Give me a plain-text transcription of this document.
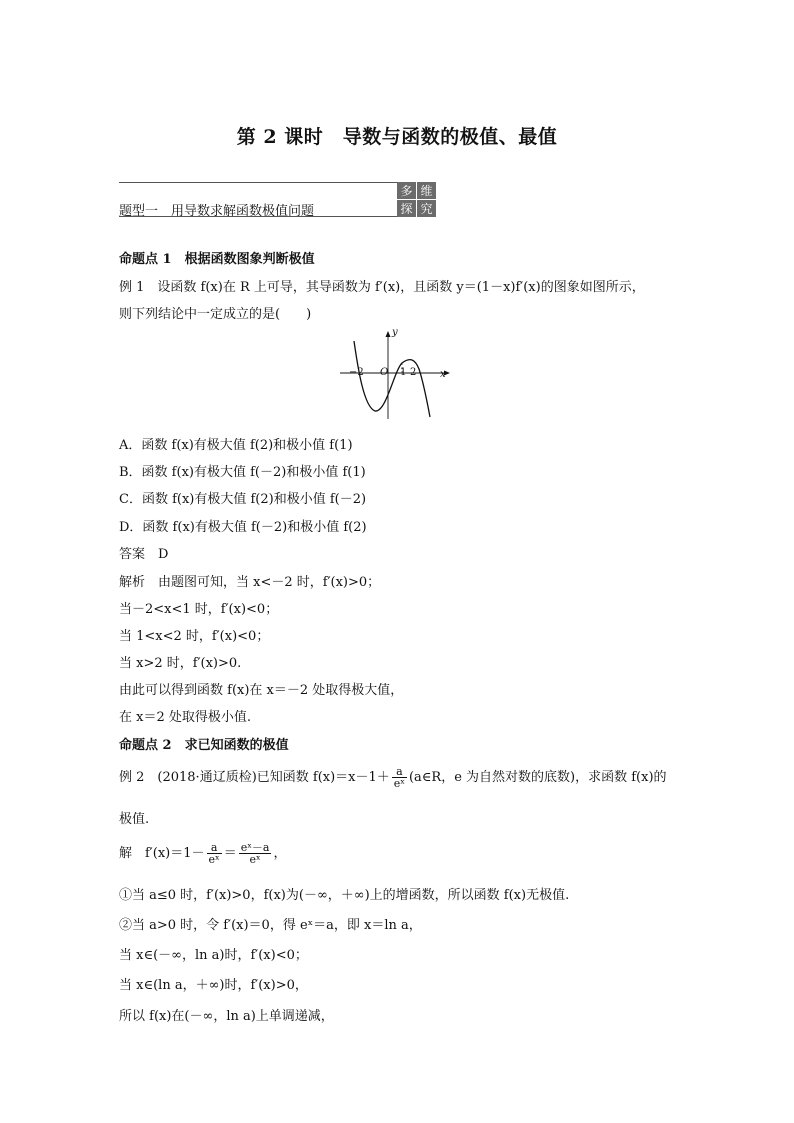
第 2 课时　导数与函数的极值、最值
题型一　用导数求解函数极值问题
多 维
探 究
命题点 1　根据函数图象判断极值
例 1　设函数 f(x)在 R 上可导，其导函数为 f′(x)，且函数 y＝(1－x)f′(x)的图象如图所示，
则下列结论中一定成立的是(　　)
y
x
O
−2	1 2
A．函数 f(x)有极大值 f(2)和极小值 f(1)
B．函数 f(x)有极大值 f(－2)和极小值 f(1)
C．函数 f(x)有极大值 f(2)和极小值 f(－2)
D．函数 f(x)有极大值 f(－2)和极小值 f(2)
答案　D
解析　由题图可知，当 x<－2 时，f′(x)>0；
当－2<x<1 时，f′(x)<0；
当 1<x<2 时，f′(x)<0；
当 x>2 时，f′(x)>0.
由此可以得到函数 f(x)在 x＝－2 处取得极大值，
在 x＝2 处取得极小值.
命题点 2　求已知函数的极值
例 2　(2018·通辽质检)已知函数 $f(x)=x-1+ \frac{a}{\text{eˣ}}$ (a∈R，e 为自然对数的底数)，求函数 f(x)的
极值.
解　$f'(x)=1- \frac{a}{\text{eˣ}} = \frac{\text{eˣ－a}}{\text{eˣ}}$ ，
①当 a≤0 时，f′(x)>0，f(x)为(－∞，＋∞)上的增函数，所以函数 f(x)无极值.
②当 a>0 时，令 f′(x)＝0，得 eˣ＝a，即 x＝ln a，
当 x∈(－∞，ln a)时，f′(x)<0；
当 x∈(ln a，＋∞)时，f′(x)>0，
所以 f(x)在(－∞，ln a)上单调递减，
